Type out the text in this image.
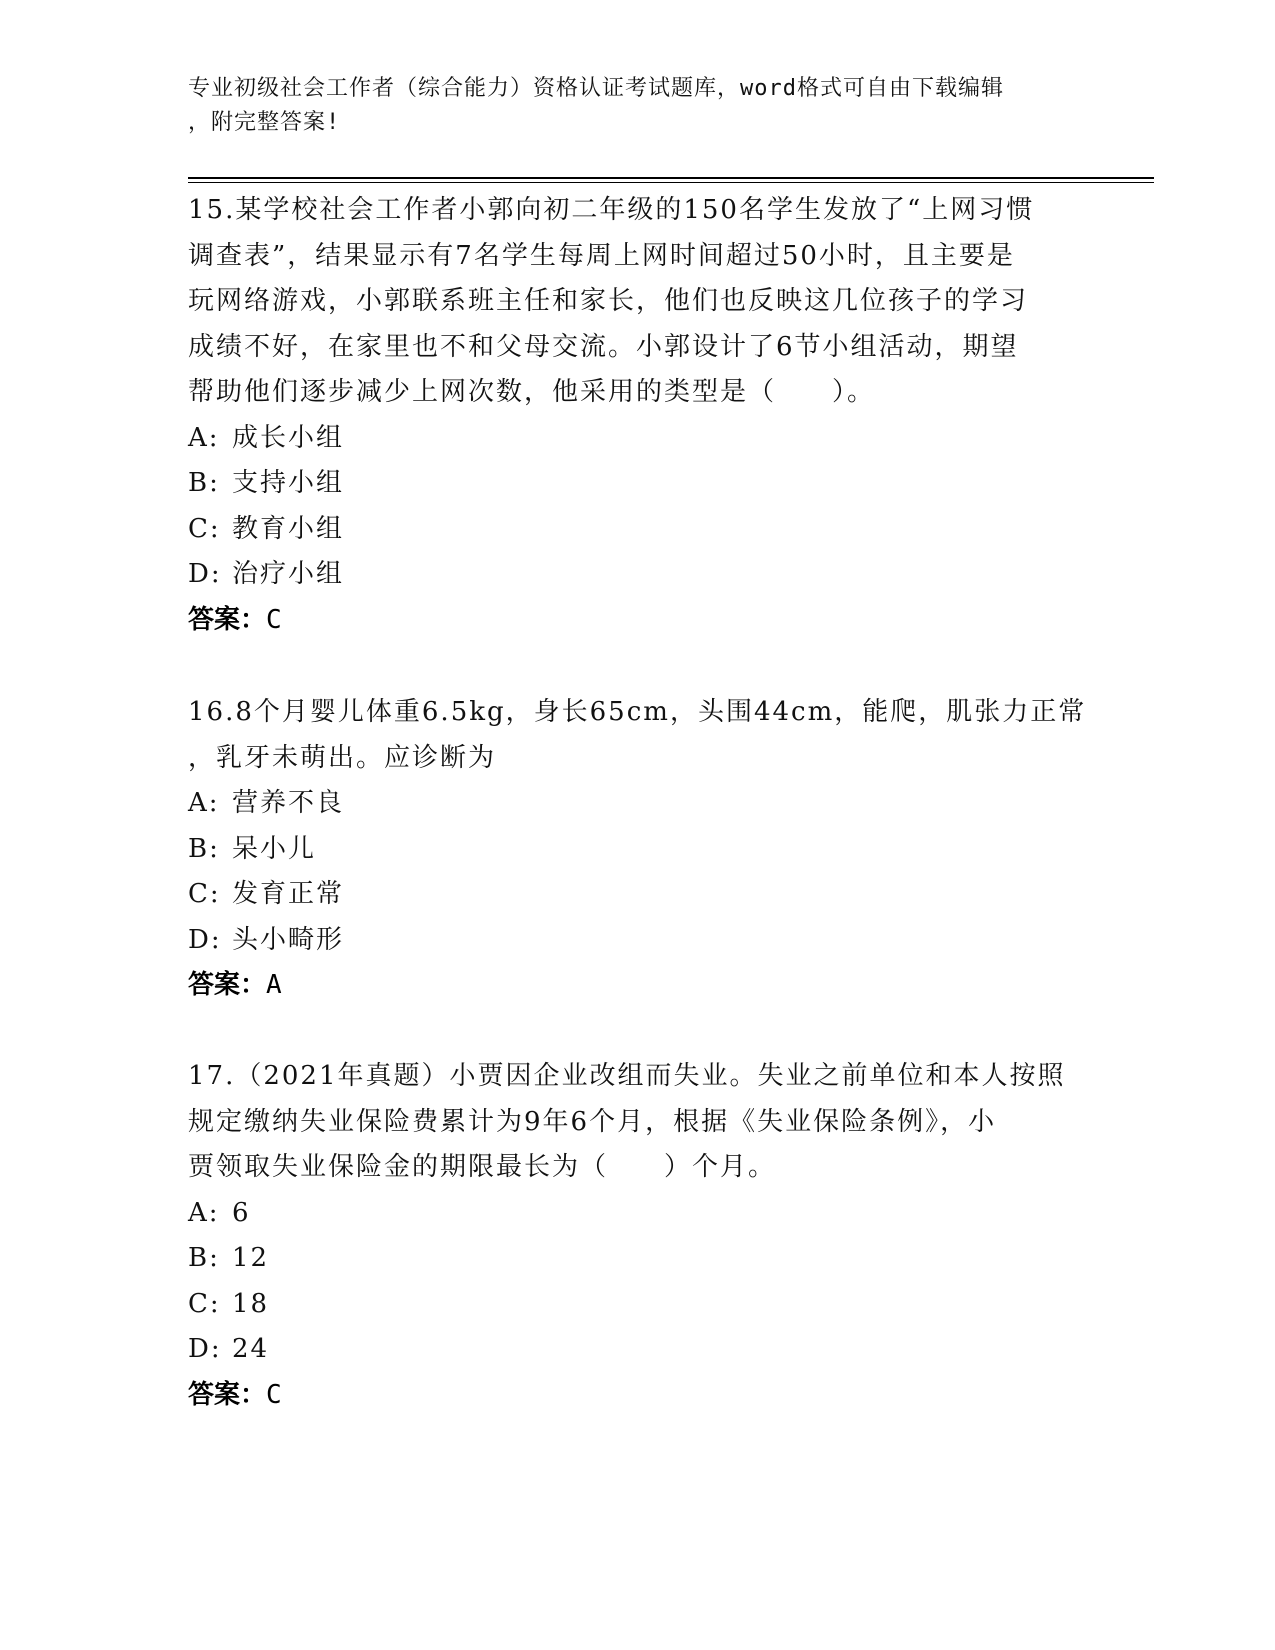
专业初级社会工作者（综合能力）资格认证考试题库，word格式可自由下载编辑
，附完整答案!
15.某学校社会工作者小郭向初二年级的150名学生发放了“上网习惯
调查表”，结果显示有7名学生每周上网时间超过50小时，且主要是
玩网络游戏，小郭联系班主任和家长，他们也反映这几位孩子的学习
成绩不好，在家里也不和父母交流。小郭设计了6节小组活动，期望
帮助他们逐步减少上网次数，他采用的类型是（　　）。
A: 成长小组
B: 支持小组
C: 教育小组
D: 治疗小组
答案：C
16.8个月婴儿体重6.5kg，身长65cm，头围44cm，能爬，肌张力正常
，乳牙未萌出。应诊断为
A: 营养不良
B: 呆小儿
C: 发育正常
D: 头小畸形
答案：A
17.（2021年真题）小贾因企业改组而失业。失业之前单位和本人按照
规定缴纳失业保险费累计为9年6个月，根据《失业保险条例》，小
贾领取失业保险金的期限最长为（　　）个月。
A: 6
B: 12
C: 18
D: 24
答案：C
